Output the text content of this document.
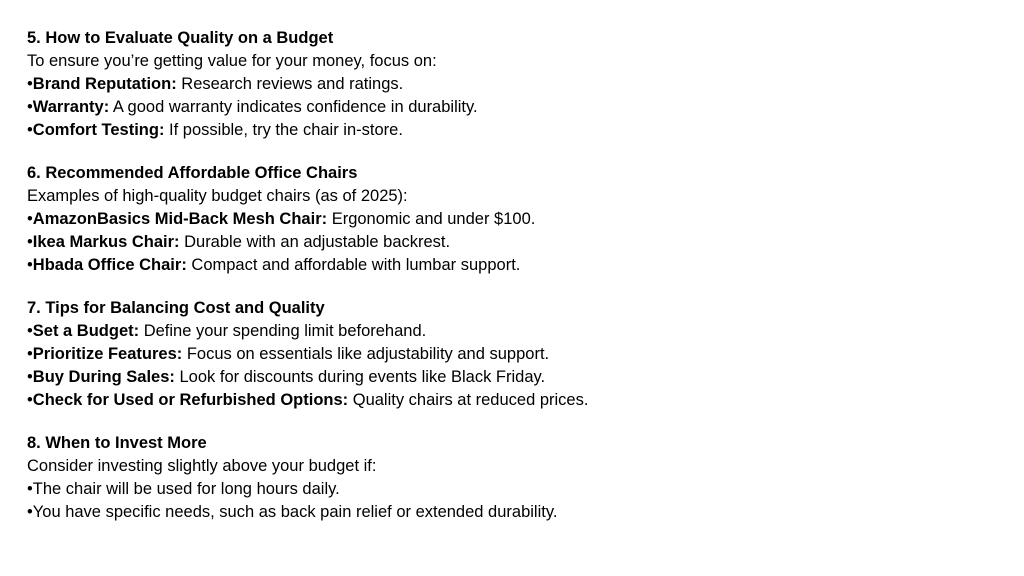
5. How to Evaluate Quality on a Budget
To ensure you’re getting value for your money, focus on:
•Brand Reputation: Research reviews and ratings.
•Warranty: A good warranty indicates confidence in durability.
•Comfort Testing: If possible, try the chair in-store.
6. Recommended Affordable Office Chairs
Examples of high-quality budget chairs (as of 2025):
•AmazonBasics Mid-Back Mesh Chair: Ergonomic and under $100.
•Ikea Markus Chair: Durable with an adjustable backrest.
•Hbada Office Chair: Compact and affordable with lumbar support.
7. Tips for Balancing Cost and Quality
•Set a Budget: Define your spending limit beforehand.
•Prioritize Features: Focus on essentials like adjustability and support.
•Buy During Sales: Look for discounts during events like Black Friday.
•Check for Used or Refurbished Options: Quality chairs at reduced prices.
8. When to Invest More
Consider investing slightly above your budget if:
•The chair will be used for long hours daily.
•You have specific needs, such as back pain relief or extended durability.
